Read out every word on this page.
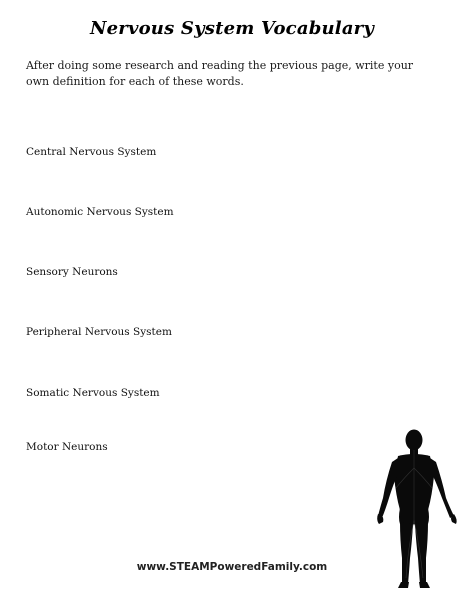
Nervous System Vocabulary
After doing some research and reading the previous page, write your own definition for each of these words.
Central Nervous System
Autonomic Nervous System
Sensory Neurons
Peripheral Nervous System
Somatic Nervous System
Motor Neurons
www.STEAMPoweredFamily.com
